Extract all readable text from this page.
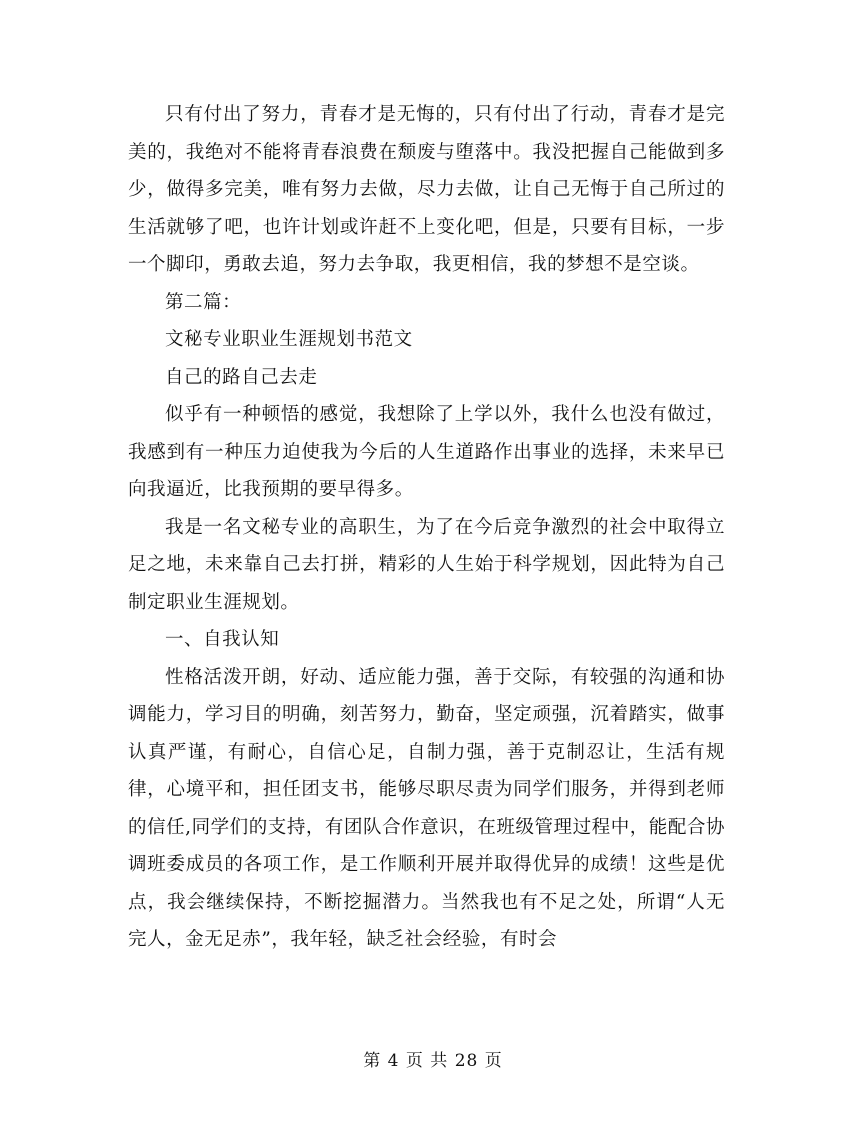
只有付出了努力，青春才是无悔的，只有付出了行动，青春才是完美的，我绝对不能将青春浪费在颓废与堕落中。我没把握自己能做到多少，做得多完美，唯有努力去做，尽力去做，让自己无悔于自己所过的生活就够了吧，也许计划或许赶不上变化吧，但是，只要有目标，一步一个脚印，勇敢去追，努力去争取，我更相信，我的梦想不是空谈。

第二篇：

文秘专业职业生涯规划书范文

自己的路自己去走

似乎有一种顿悟的感觉，我想除了上学以外，我什么也没有做过，我感到有一种压力迫使我为今后的人生道路作出事业的选择，未来早已向我逼近，比我预期的要早得多。

我是一名文秘专业的高职生，为了在今后竞争激烈的社会中取得立足之地，未来靠自己去打拼，精彩的人生始于科学规划，因此特为自己制定职业生涯规划。

一、自我认知

性格活泼开朗，好动、适应能力强，善于交际，有较强的沟通和协调能力，学习目的明确，刻苦努力，勤奋，坚定顽强，沉着踏实，做事认真严谨，有耐心，自信心足，自制力强，善于克制忍让，生活有规律，心境平和，担任团支书，能够尽职尽责为同学们服务，并得到老师的信任,同学们的支持，有团队合作意识，在班级管理过程中，能配合协调班委成员的各项工作，是工作顺利开展并取得优异的成绩！这些是优点，我会继续保持，不断挖掘潜力。当然我也有不足之处，所谓“人无完人，金无足赤”，我年轻，缺乏社会经验，有时会

第 4 页 共 28 页
